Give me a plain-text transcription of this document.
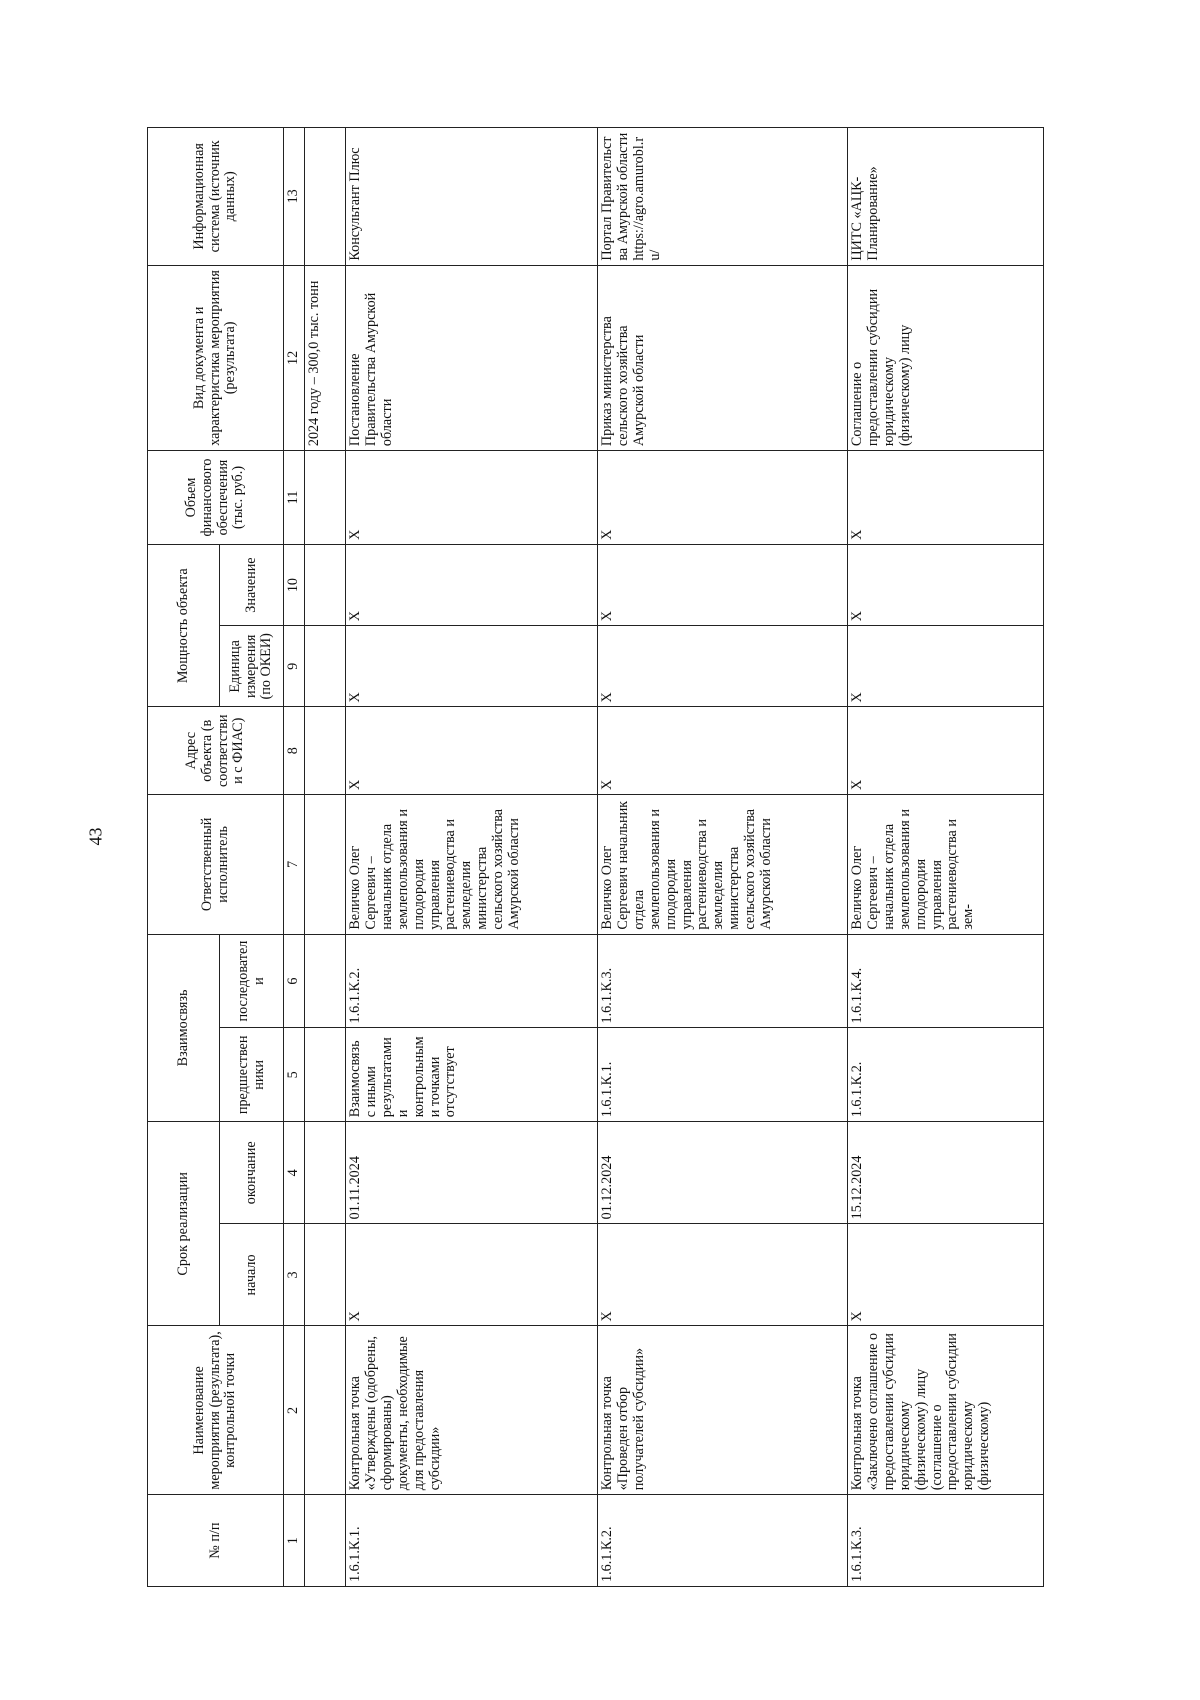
43
№ п/п	Наименование мероприятия (результата), контрольной точки	Срок реализации		Взаимосвязь		Ответственный исполнитель	Адрес объекта (в соответствии с ФИАС)	Мощность объекта		Объем финансового обеспечения (тыс. руб.)	Вид документа и характеристика мероприятия (результата)	Информационная система (источник данных)
		начало	окончание	предшественники	последователи			Единица измерения (по ОКЕИ)	Значение			
1	2	3	4	5	6	7	8	9	10	11	12	13
											2024 году – 300,0 тыс. тонн	
1.6.1.К.1.	Контрольная точка «Утверждены (одобрены, сформированы) документы, необходимые для предоставления субсидии»	Х	01.11.2024	Взаимосвязь с иными результатами и контрольными точками отсутствует	1.6.1.К.2.	Величко Олег Сергеевич – начальник отдела землепользования и плодородия управления растениеводства и земледелия министерства сельского хозяйства Амурской области	Х	Х	Х	Х	Постановление Правительства Амурской области	Консультант Плюс
1.6.1.К.2.	Контрольная точка «Проведен отбор получателей субсидии»	Х	01.12.2024	1.6.1.К.1.	1.6.1.К.3.	Величко Олег Сергеевич начальник отдела землепользования и плодородия управления растениеводства и земледелия министерства сельского хозяйства Амурской области	Х	Х	Х	Х	Приказ министерства сельского хозяйства Амурской области	Портал Правительства Амурской области https://agro.amurobl.ru/
1.6.1.К.3.	Контрольная точка «Заключено соглашение о предоставлении субсидии юридическому (физическому) лицу (соглашение о предоставлении субсидии юридическому (физическому)	Х	15.12.2024	1.6.1.К.2.	1.6.1.К.4.	Величко Олег Сергеевич – начальник отдела землепользования и плодородия управления растениеводства и зем-	Х	Х	Х	Х	Соглашение о предоставлении субсидии юридическому (физическому) лицу	ЦИТС «АЦК-Планирование»
